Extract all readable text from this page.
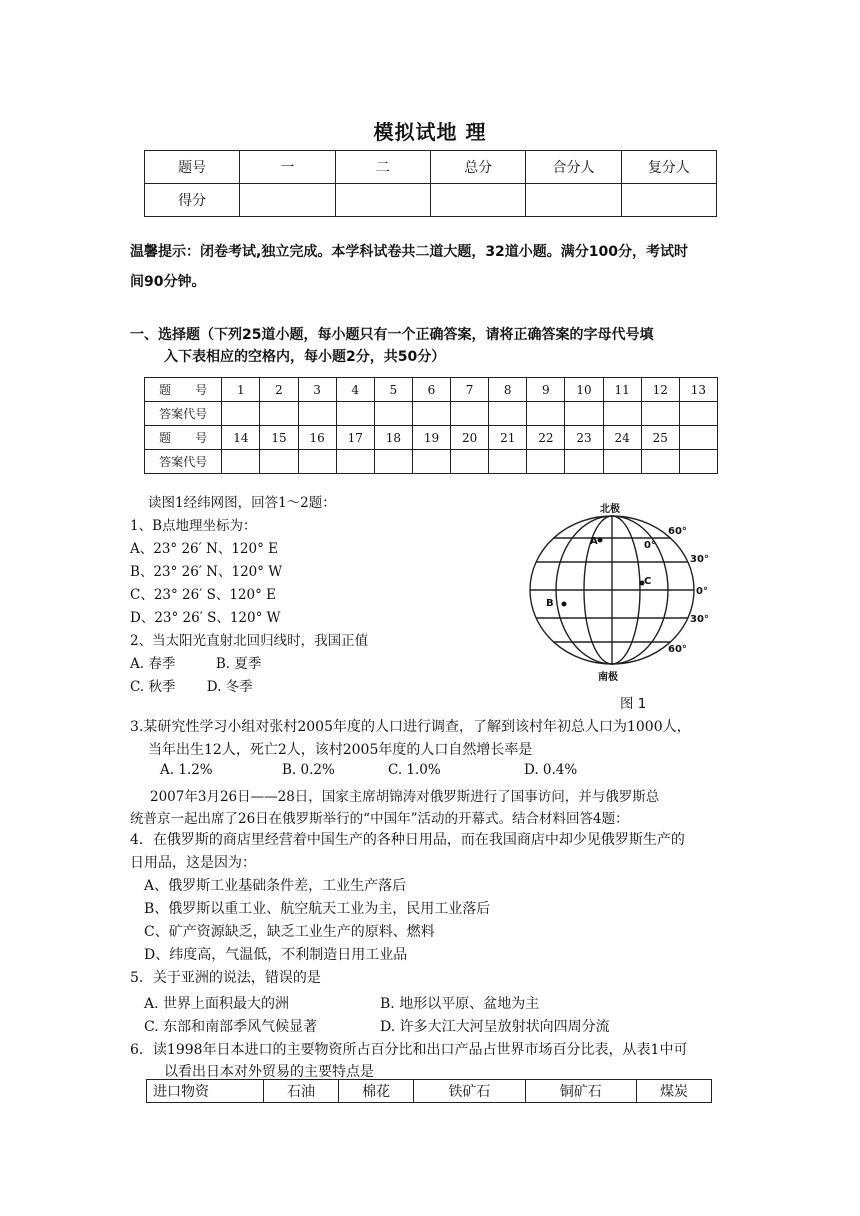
模拟试地 理
题号	一	二	总分	合分人	复分人
得分					
温馨提示：闭卷考试,独立完成。本学科试卷共二道大题，32道小题。满分100分，考试时
间90分钟。
一、选择题（下列25道小题，每小题只有一个正确答案，请将正确答案的字母代号填
入下表相应的空格内，每小题2分，共50分）
题　　号	1	2	3	4	5	6	7	8	9	10	11	12	13
答案代号													
题　　号	14	15	16	17	18	19	20	21	22	23	24	25	
答案代号													
北极
南极
A
C
B
0°
60°
30°
0°
30°
60°
图 1
读图1经纬网图，回答1～2题：
1、B点地理坐标为：
A、23° 26′ N、120° E
B、23° 26′ N、120° W
C、23° 26′ S、120° E
D、23° 26′ S、120° W
2、当太阳光直射北回归线时，我国正值
A. 春季　　　B. 夏季
C. 秋季　　 D. 冬季
3.某研究性学习小组对张村2005年度的人口进行调查，了解到该村年初总人口为1000人，
当年出生12人，死亡2人，该村2005年度的人口自然增长率是
A. 1.2%	B. 0.2%	C. 1.0%	D. 0.4%
2007年3月26日——28日，国家主席胡锦涛对俄罗斯进行了国事访问，并与俄罗斯总
统普京一起出席了26日在俄罗斯举行的“中国年”活动的开幕式。结合材料回答4题：
4．在俄罗斯的商店里经营着中国生产的各种日用品，而在我国商店中却少见俄罗斯生产的
日用品，这是因为：
A、俄罗斯工业基础条件差，工业生产落后
B、俄罗斯以重工业、航空航天工业为主，民用工业落后
C、矿产资源缺乏，缺乏工业生产的原料、燃料
D、纬度高，气温低，不利制造日用工业品
5．关于亚洲的说法，错误的是
A. 世界上面积最大的洲	B. 地形以平原、盆地为主
C. 东部和南部季风气候显著	D. 许多大江大河呈放射状向四周分流
6．读1998年日本进口的主要物资所占百分比和出口产品占世界市场百分比表，从表1中可
以看出日本对外贸易的主要特点是
进口物资	石油	棉花	铁矿石	铜矿石	煤炭
